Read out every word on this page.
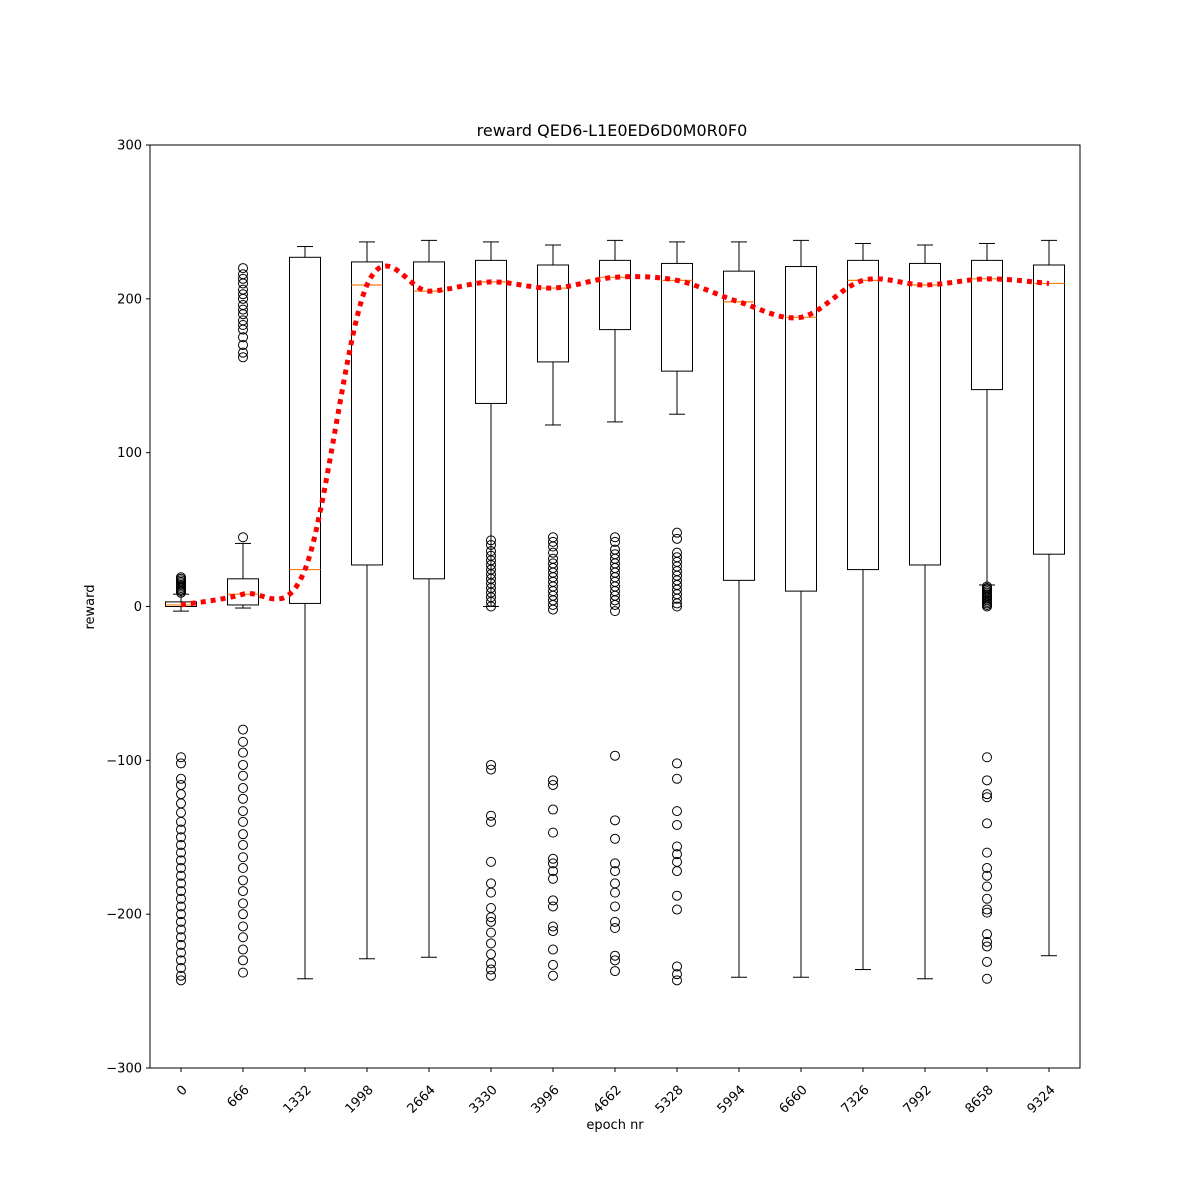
reward QED6-L1E0ED6D0M0R0F0
−300
−200
−100
0
100
200
300
0	666 1332 1998 2664 3330 3996 4662 5328 5994 6660 7326 7992 8658 9324
epoch nr
reward
